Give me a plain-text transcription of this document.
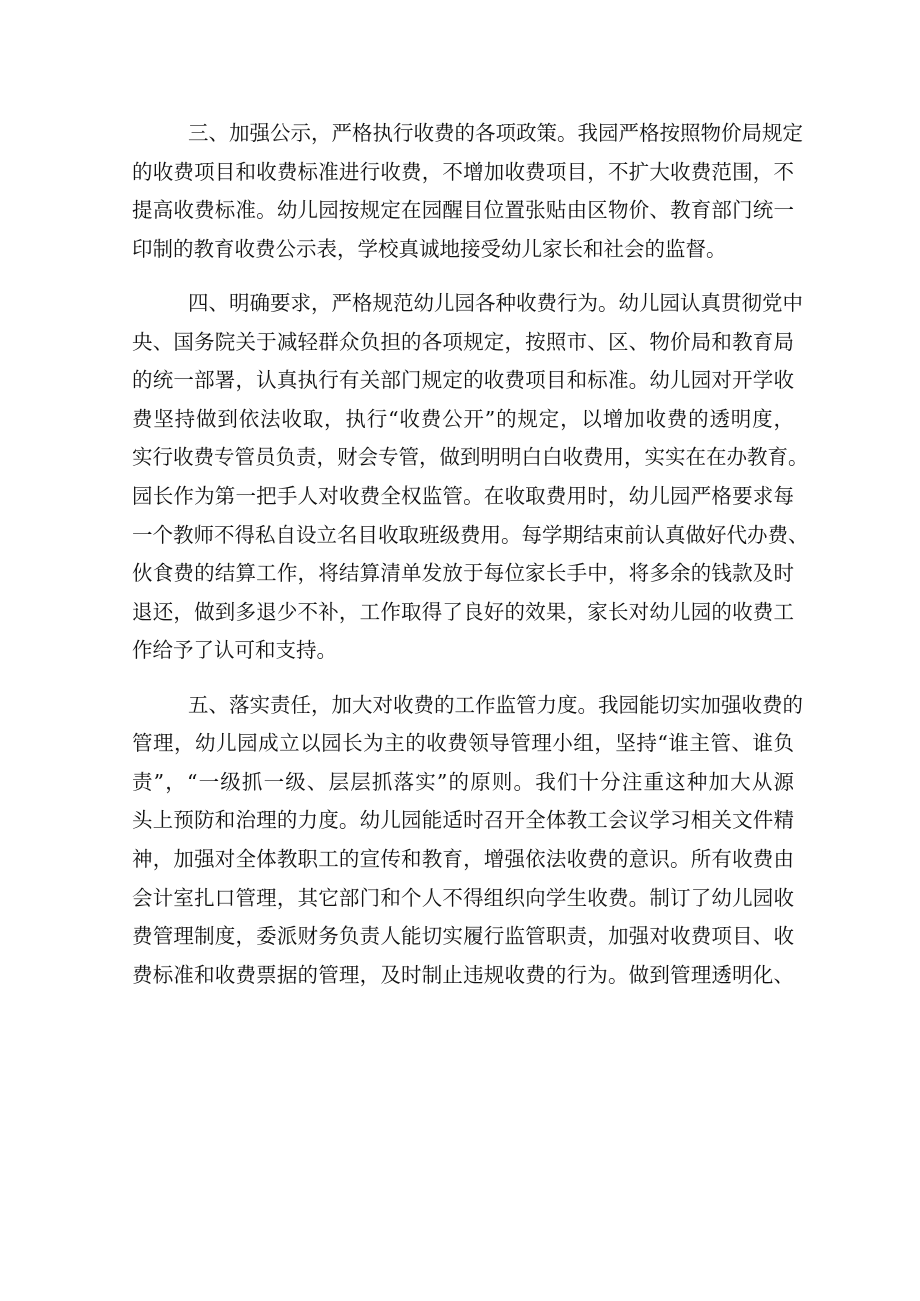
三、加强公示，严格执行收费的各项政策。我园严格按照物价局规定
的收费项目和收费标准进行收费，不增加收费项目，不扩大收费范围，不
提高收费标准。幼儿园按规定在园醒目位置张贴由区物价、教育部门统一
印制的教育收费公示表，学校真诚地接受幼儿家长和社会的监督。
四、明确要求，严格规范幼儿园各种收费行为。幼儿园认真贯彻党中
央、国务院关于减轻群众负担的各项规定，按照市、区、物价局和教育局
的统一部署，认真执行有关部门规定的收费项目和标准。幼儿园对开学收
费坚持做到依法收取，执行“收费公开”的规定，以增加收费的透明度，
实行收费专管员负责，财会专管，做到明明白白收费用，实实在在办教育。
园长作为第一把手人对收费全权监管。在收取费用时，幼儿园严格要求每
一个教师不得私自设立名目收取班级费用。每学期结束前认真做好代办费、
伙食费的结算工作，将结算清单发放于每位家长手中，将多余的钱款及时
退还，做到多退少不补，工作取得了良好的效果，家长对幼儿园的收费工
作给予了认可和支持。
五、落实责任，加大对收费的工作监管力度。我园能切实加强收费的
管理，幼儿园成立以园长为主的收费领导管理小组，坚持“谁主管、谁负
责”，“一级抓一级、层层抓落实”的原则。我们十分注重这种加大从源
头上预防和治理的力度。幼儿园能适时召开全体教工会议学习相关文件精
神，加强对全体教职工的宣传和教育，增强依法收费的意识。所有收费由
会计室扎口管理，其它部门和个人不得组织向学生收费。制订了幼儿园收
费管理制度，委派财务负责人能切实履行监管职责，加强对收费项目、收
费标准和收费票据的管理，及时制止违规收费的行为。做到管理透明化、
